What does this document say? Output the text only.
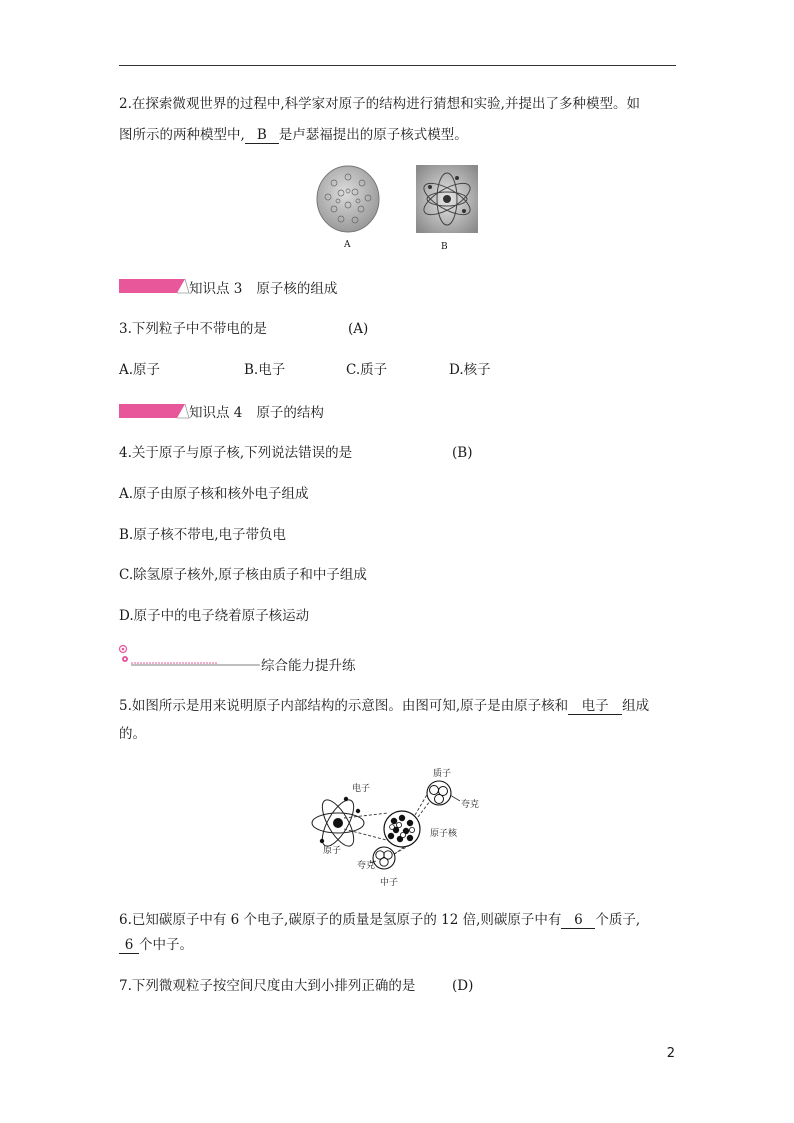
2.在探索微观世界的过程中,科学家对原子的结构进行猜想和实验,并提出了多种模型。如
图所示的两种模型中, B 是卢瑟福提出的原子核式模型。
A	B
知识点 3 原子核的组成
3.下列粒子中不带电的是	(A)
A.原子	B.电子	C.质子	D.核子
知识点 4 原子的结构
4.关于原子与原子核,下列说法错误的是	(B)
A.原子由原子核和核外电子组成
B.原子核不带电,电子带负电
C.除氢原子核外,原子核由质子和中子组成
D.原子中的电子绕着原子核运动
综合能力提升练
5.如图所示是用来说明原子内部结构的示意图。由图可知,原子是由原子核和 电子 组成
的。
电子
质子
夸克
原子核
原子
夸克
中子
6.已知碳原子中有 6 个电子,碳原子的质量是氢原子的 12 倍,则碳原子中有 6 个质子,
6 个中子。
7.下列微观粒子按空间尺度由大到小排列正确的是	(D)
2
